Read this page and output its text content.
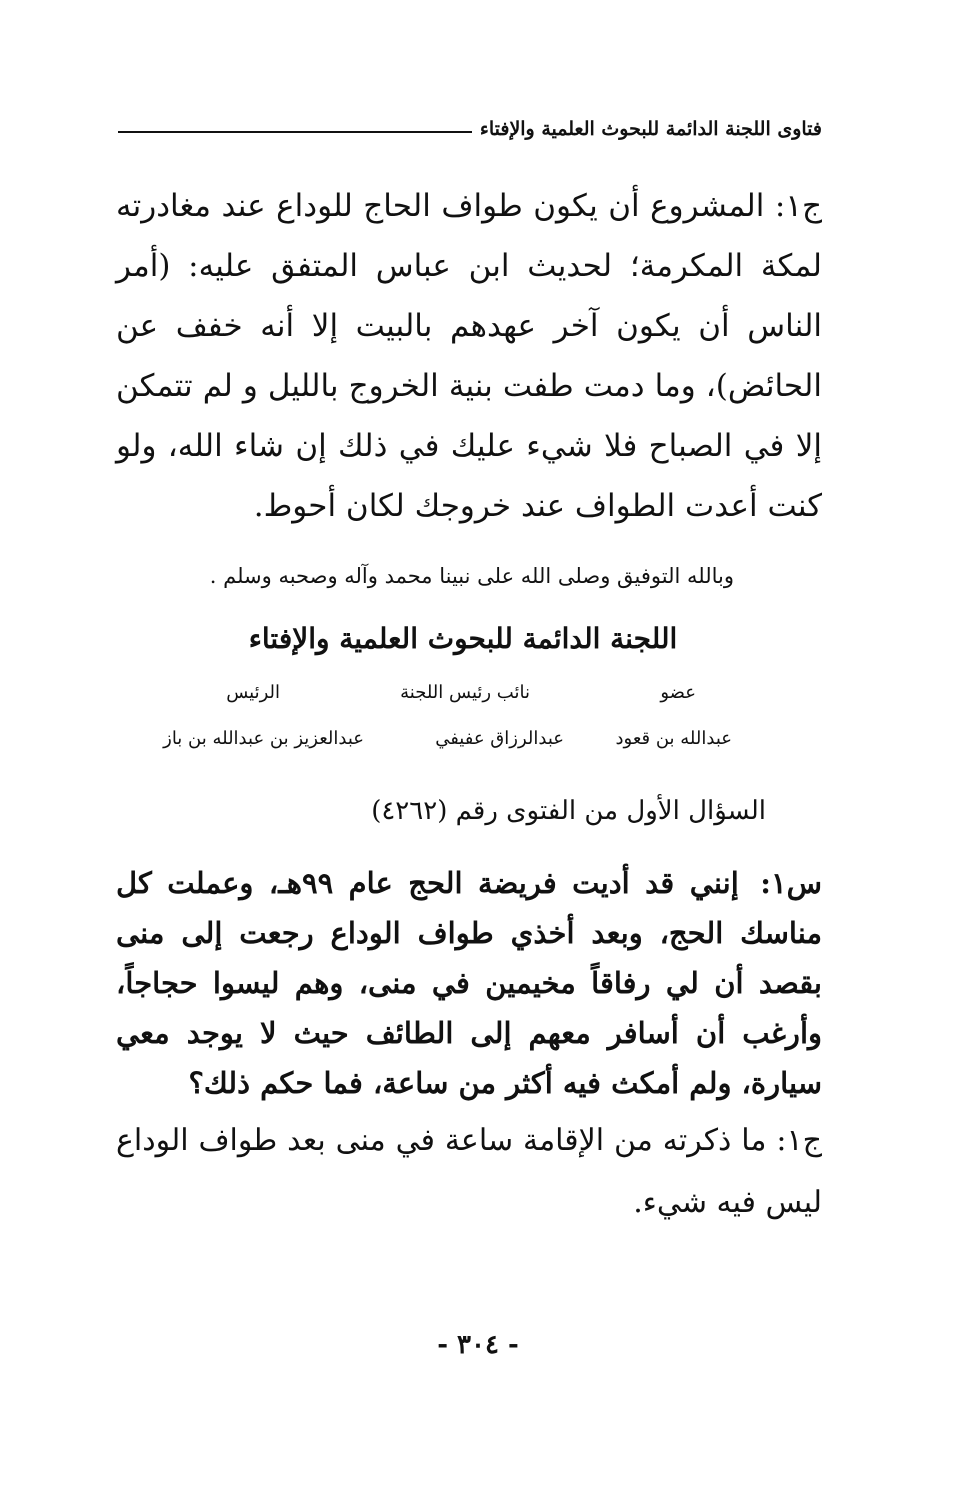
فتاوى اللجنة الدائمة للبحوث العلمية والإفتاء
ج١: المشروع أن يكون طواف الحاج للوداع عند مغادرته لمكة المكرمة؛ لحديث ابن عباس المتفق عليه: (أمر الناس أن يكون آخر عهدهم بالبيت إلا أنه خفف عن الحائض)، وما دمت طفت بنية الخروج بالليل و لم تتمكن إلا في الصباح فلا شيء عليك في ذلك إن شاء الله، ولو كنت أعدت الطواف عند خروجك لكان أحوط.
وبالله التوفيق وصلى الله على نبينا محمد وآله وصحبه وسلم .
اللجنة الدائمة للبحوث العلمية والإفتاء
عضو
نائب رئيس اللجنة
الرئيس
عبدالله بن قعود
عبدالرزاق عفيفي
عبدالعزيز بن عبدالله بن باز
السؤال الأول من الفتوى رقم (٤٢٦٢)
س١: إنني قد أديت فريضة الحج عام ٩٩هـ، وعملت كل مناسك الحج، وبعد أخذي طواف الوداع رجعت إلى منى بقصد أن لي رفاقاً مخيمين في منى، وهم ليسوا حجاجاً، وأرغب أن أسافر معهم إلى الطائف حيث لا يوجد معي سيارة، ولم أمكث فيه أكثر من ساعة، فما حكم ذلك؟
ج١: ما ذكرته من الإقامة ساعة في منى بعد طواف الوداع ليس فيه شيء.
- ٣٠٤ -
